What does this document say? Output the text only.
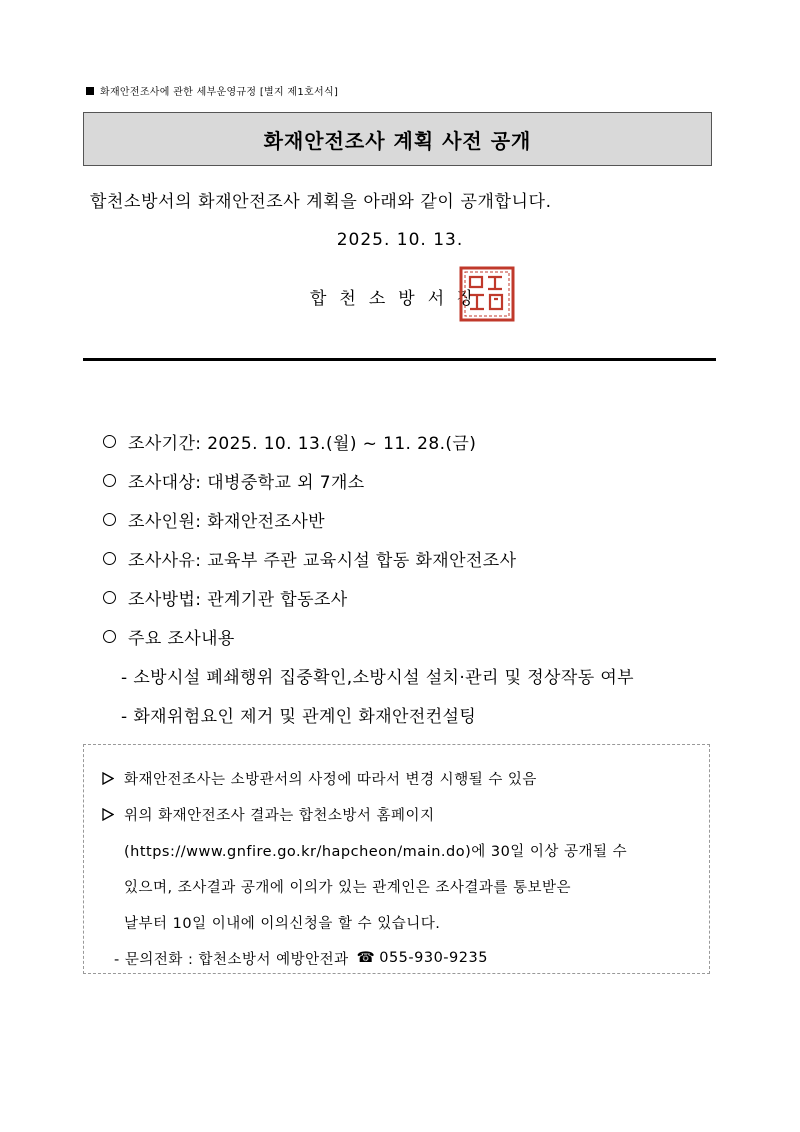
화재안전조사에 관한 세부운영규정 [별지 제1호서식]
화재안전조사 계획 사전 공개
합천소방서의 화재안전조사 계획을 아래와 같이 공개합니다.
2025. 10. 13.
합천소방서장
조사기간: 2025. 10. 13.(월) ~ 11. 28.(금)
조사대상: 대병중학교 외 7개소
조사인원: 화재안전조사반
조사사유: 교육부 주관 교육시설 합동 화재안전조사
조사방법: 관계기관 합동조사
주요 조사내용
- 소방시설 폐쇄행위 집중확인,소방시설 설치·관리 및 정상작동 여부
- 화재위험요인 제거 및 관계인 화재안전컨설팅
화재안전조사는 소방관서의 사정에 따라서 변경 시행될 수 있음
위의 화재안전조사 결과는 합천소방서 홈페이지
(https://www.gnfire.go.kr/hapcheon/main.do)에 30일 이상 공개될 수
있으며, 조사결과 공개에 이의가 있는 관계인은 조사결과를 통보받은
날부터 10일 이내에 이의신청을 할 수 있습니다.
- 문의전화 : 합천소방서 예방안전과 ☎ 055-930-9235
